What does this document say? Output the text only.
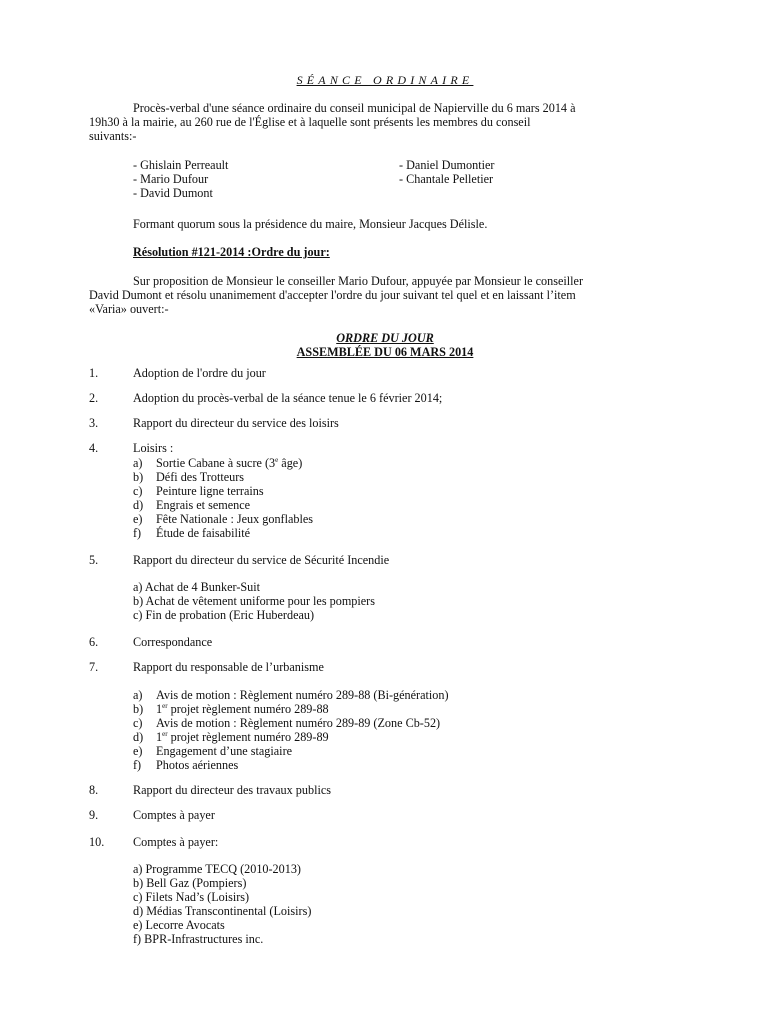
SÉANCE ORDINAIRE
Procès-verbal d'une séance ordinaire du conseil municipal de Napierville du 6 mars 2014 à
19h30 à la mairie, au 260 rue de l'Église et à laquelle sont présents les membres du conseil
suivants:-
- Ghislain Perreault
- Mario Dufour
- David Dumont
- Daniel Dumontier
- Chantale Pelletier
Formant quorum sous la présidence du maire, Monsieur Jacques Délisle.
Résolution #121-2014 :Ordre du jour:
Sur proposition de Monsieur le conseiller Mario Dufour, appuyée par Monsieur le conseiller
David Dumont et résolu unanimement d'accepter l'ordre du jour suivant tel quel et en laissant l’item
«Varia» ouvert:-
ORDRE DU JOUR
ASSEMBLÉE DU 06 MARS 2014
1.	Adoption de l'ordre du jour
2.	Adoption du procès-verbal de la séance tenue le 6 février 2014;
3.	Rapport du directeur du service des loisirs
4.	Loisirs :
a) Sortie Cabane à sucre (3e âge)
b) Défi des Trotteurs
c) Peinture ligne terrains
d) Engrais et semence
e) Fête Nationale : Jeux gonflables
f) Étude de faisabilité
5.	Rapport du directeur du service de Sécurité Incendie
a) Achat de 4 Bunker-Suit
b) Achat de vêtement uniforme pour les pompiers
c) Fin de probation (Eric Huberdeau)
6.	Correspondance
7.	Rapport du responsable de l’urbanisme
a) Avis de motion : Règlement numéro 289-88 (Bi-génération)
b) 1er projet règlement numéro 289-88
c) Avis de motion : Règlement numéro 289-89 (Zone Cb-52)
d) 1er projet règlement numéro 289-89
e) Engagement d’une stagiaire
f) Photos aériennes
8.	Rapport du directeur des travaux publics
9.	Comptes à payer
10. Comptes à payer:
a) Programme TECQ (2010-2013)
b) Bell Gaz (Pompiers)
c) Filets Nad’s (Loisirs)
d) Médias Transcontinental (Loisirs)
e) Lecorre Avocats
f) BPR-Infrastructures inc.
